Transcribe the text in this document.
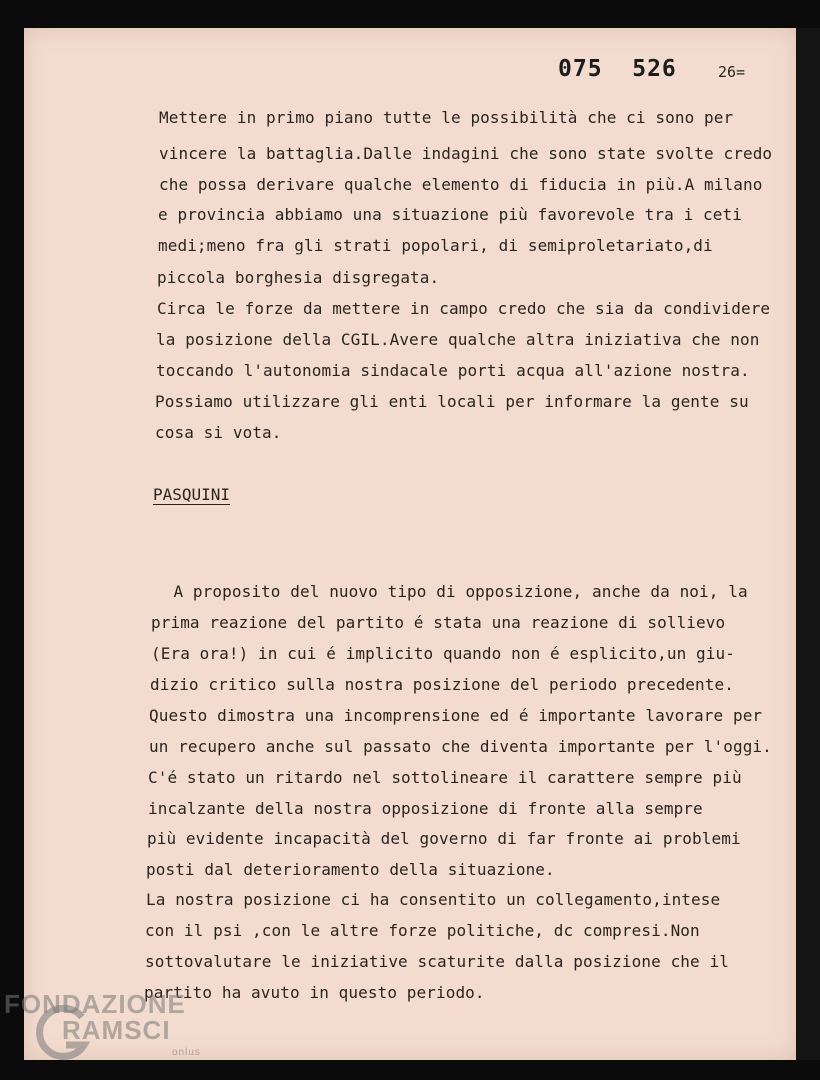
075  526	26=
Mettere in primo piano tutte le possibilità che ci sono per
vincere la battaglia.Dalle indagini che sono state svolte credo
che possa derivare qualche elemento di fiducia in più.A milano
e provincia abbiamo una situazione più favorevole tra i ceti
medi;meno fra gli strati popolari, di semiproletariato,di
piccola borghesia disgregata.
Circa le forze da mettere in campo credo che sia da condividere
la posizione della CGIL.Avere qualche altra iniziativa che non
toccando l'autonomia sindacale porti acqua all'azione nostra.
Possiamo utilizzare gli enti locali per informare la gente su
cosa si vota.
PASQUINI
A proposito del nuovo tipo di opposizione, anche da noi, la
prima reazione del partito é stata una reazione di sollievo
(Era ora!) in cui é implicito quando non é esplicito,un giu-
dizio critico sulla nostra posizione del periodo precedente.
Questo dimostra una incomprensione ed é importante lavorare per
un recupero anche sul passato che diventa importante per l'oggi.
C'é stato un ritardo nel sottolineare il carattere sempre più
incalzante della nostra opposizione di fronte alla sempre
più evidente incapacità del governo di far fronte ai problemi
posti dal deterioramento della situazione.
La nostra posizione ci ha consentito un collegamento,intese
con il psi ,con le altre forze politiche, dc compresi.Non
sottovalutare le iniziative scaturite dalla posizione che il
partito ha avuto in questo periodo.
FONDAZIONE
RAMSCI
onlus
